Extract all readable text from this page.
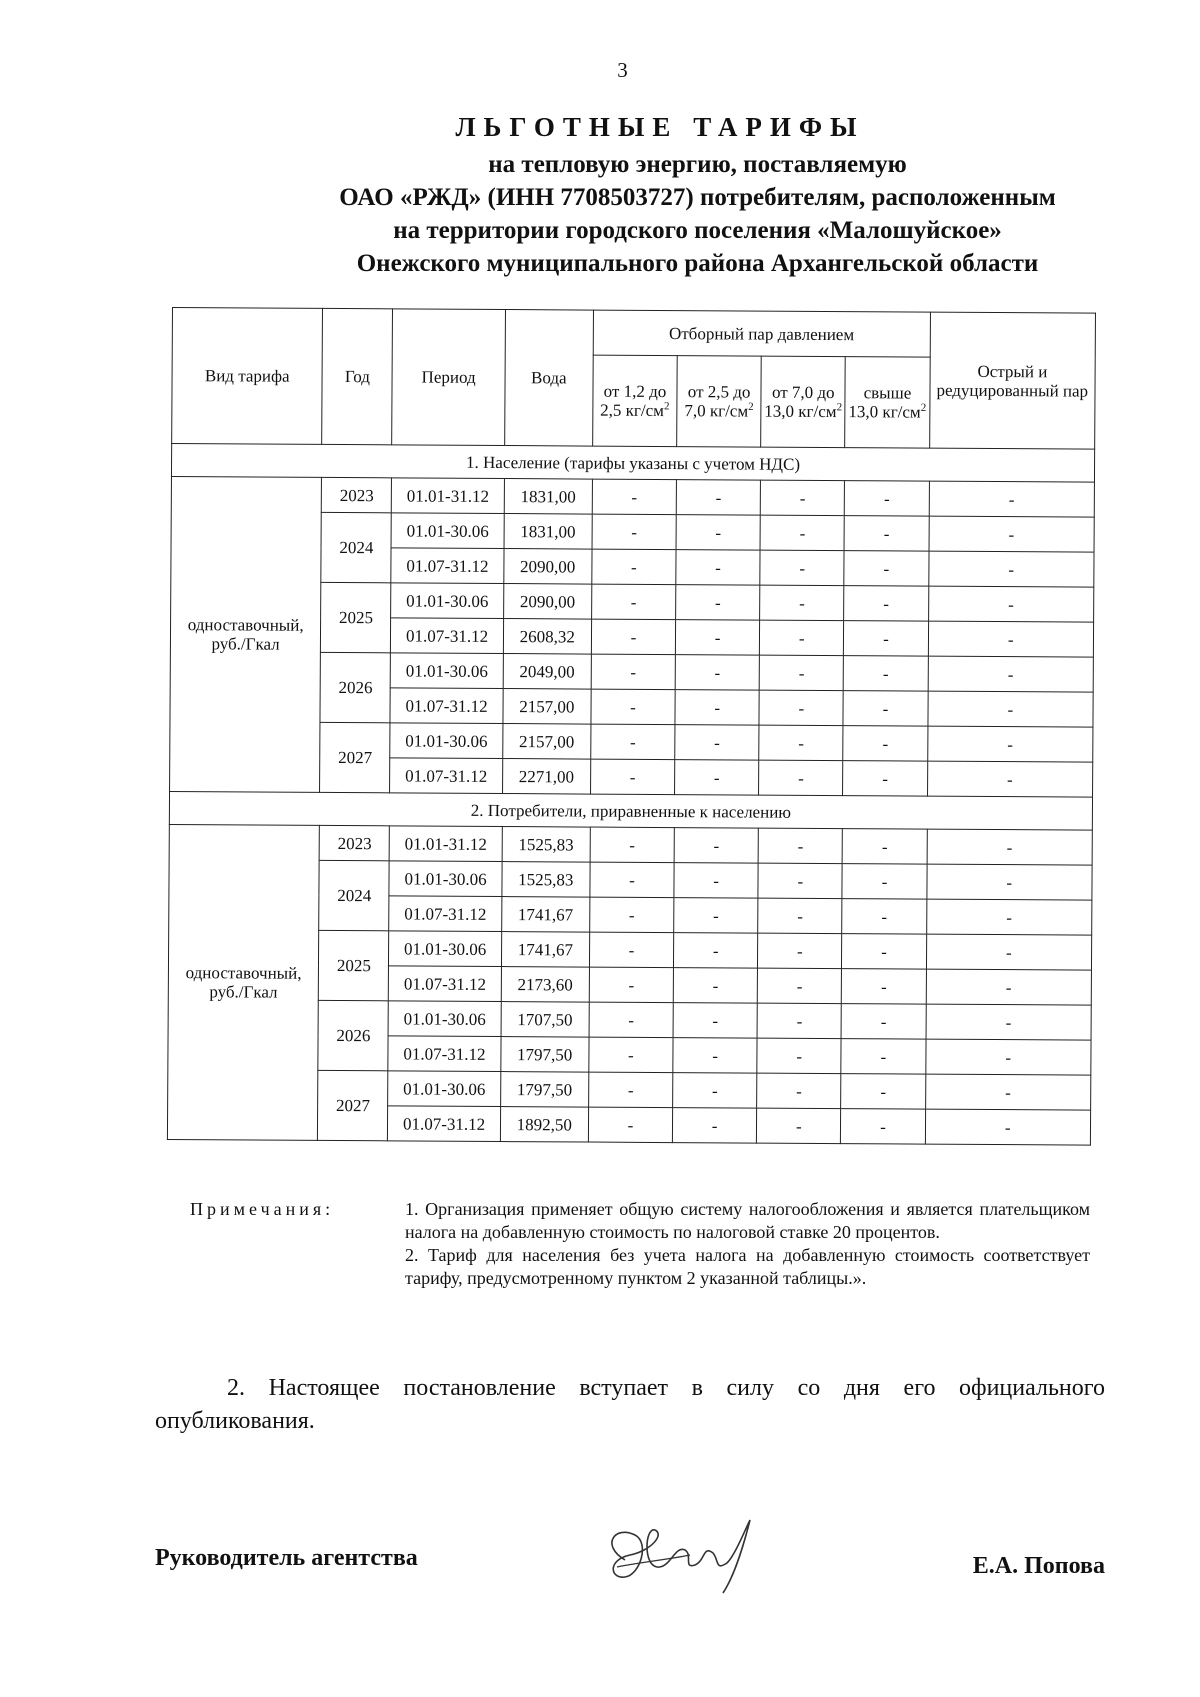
3
ЛЬГОТНЫЕ ТАРИФЫ
на тепловую энергию, поставляемую
ОАО «РЖД» (ИНН 7708503727) потребителям, расположенным
на территории городского поселения «Малошуйское»
Онежского муниципального района Архангельской области
Вид тарифа	Год	Период	Вода	Отборный пар давлением				Острый и редуцированный пар
				от 1,2 до 2,5 $кг/см^2$	от 2,5 до 7,0 $кг/см^2$	от 7,0 до 13,0 $кг/см^2$	свыше 13,0 $кг/см^2$
1. Население (тарифы указаны с учетом НДС)								
одноставочный, руб./Гкал	2023	01.01-31.12	1831,00	-	-	-	-	-
	2024	01.01-30.06	1831,00	-	-	-	-	-
		01.07-31.12	2090,00	-	-	-	-	-
	2025	01.01-30.06	2090,00	-	-	-	-	-
		01.07-31.12	2608,32	-	-	-	-	-
	2026	01.01-30.06	2049,00	-	-	-	-	-
		01.07-31.12	2157,00	-	-	-	-	-
	2027	01.01-30.06	2157,00	-	-	-	-	-
		01.07-31.12	2271,00	-	-	-	-	-
2. Потребители, приравненные к населению								
одноставочный, руб./Гкал	2023	01.01-31.12	1525,83	-	-	-	-	-
	2024	01.01-30.06	1525,83	-	-	-	-	-
		01.07-31.12	1741,67	-	-	-	-	-
	2025	01.01-30.06	1741,67	-	-	-	-	-
		01.07-31.12	2173,60	-	-	-	-	-
	2026	01.01-30.06	1707,50	-	-	-	-	-
		01.07-31.12	1797,50	-	-	-	-	-
	2027	01.01-30.06	1797,50	-	-	-	-	-
		01.07-31.12	1892,50	-	-	-	-	-
Примечания:	1. Организация применяет общую систему налогообложения и является плательщиком налога на добавленную стоимость по налоговой ставке 20 процентов.

2. Тариф для населения без учета налога на добавленную стоимость соответствует тарифу, предусмотренному пунктом 2 указанной таблицы.».

2. Настоящее постановление вступает в силу со дня его официального опубликования.
Руководитель агентства	Е.А. Попова
